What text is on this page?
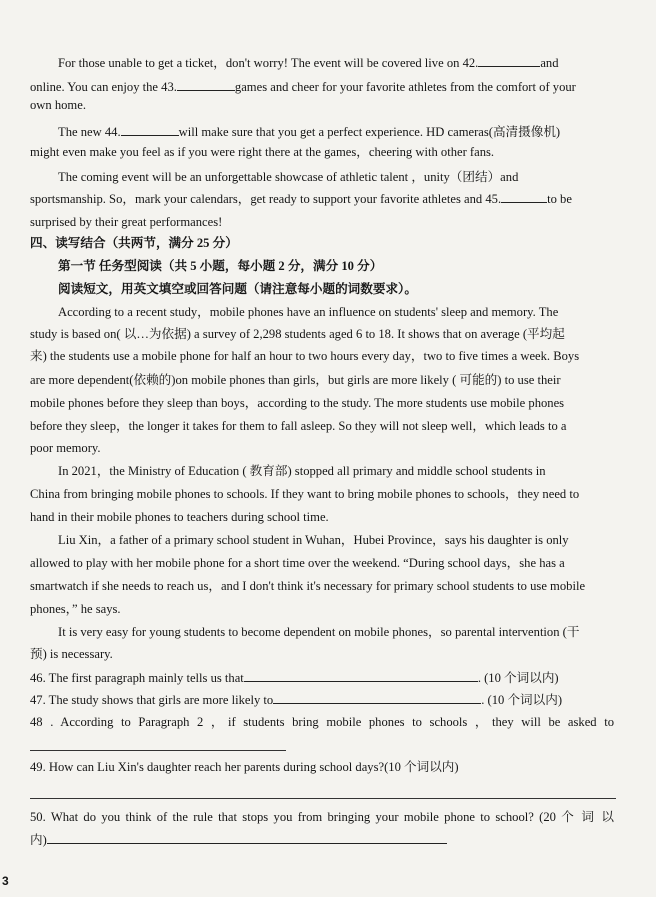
For those unable to get a ticket，don't worry! The event will be covered live on 42.	and
online. You can enjoy the 43.	games and cheer for your favorite athletes from the comfort of your
own home.
The new 44.	will make sure that you get a perfect experience. HD cameras(高清摄像机)
might even make you feel as if you were right there at the games，cheering with other fans.
The coming event will be an unforgettable showcase of athletic talent ，unity（团结）and
sportsmanship. So，mark your calendars，get ready to support your favorite athletes and 45.	to be
surprised by their great performances!
四、读写结合（共两节，满分 25 分）
第一节 任务型阅读（共 5 小题，每小题 2 分，满分 10 分）
阅读短文，用英文填空或回答问题（请注意每小题的词数要求）。
According to a recent study，mobile phones have an influence on students' sleep and memory. The
study is based on( 以…为依据) a survey of 2,298 students aged 6 to 18. It shows that on average (平均起
来) the students use a mobile phone for half an hour to two hours every day，two to five times a week. Boys
are more dependent(依赖的)on mobile phones than girls，but girls are more likely ( 可能的) to use their
mobile phones before they sleep than boys，according to the study. The more students use mobile phones
before they sleep，the longer it takes for them to fall asleep. So they will not sleep well，which leads to a
poor memory.
In 2021，the Ministry of Education ( 教育部) stopped all primary and middle school students in
China from bringing mobile phones to schools. If they want to bring mobile phones to schools，they need to
hand in their mobile phones to teachers during school time.
Liu Xin，a father of a primary school student in Wuhan，Hubei Province，says his daughter is only
allowed to play with her mobile phone for a short time over the weekend. “During school days，she has a
smartwatch if she needs to reach us，and I don't think it's necessary for primary school students to use mobile
phones，” he says.
It is very easy for young students to become dependent on mobile phones，so parental intervention (干
预) is necessary.
46. The first paragraph mainly tells us that	. (10 个词以内)
47. The study shows that girls are more likely to	. (10 个词以内)
48 . According to Paragraph 2 ，if students bring mobile phones to schools ，they will be asked to
49. How can Liu Xin's daughter reach her parents during school days?(10 个词以内)
50. What do you think of the rule that stops you from bringing your mobile phone to school? (20 个 词 以
内)
3
